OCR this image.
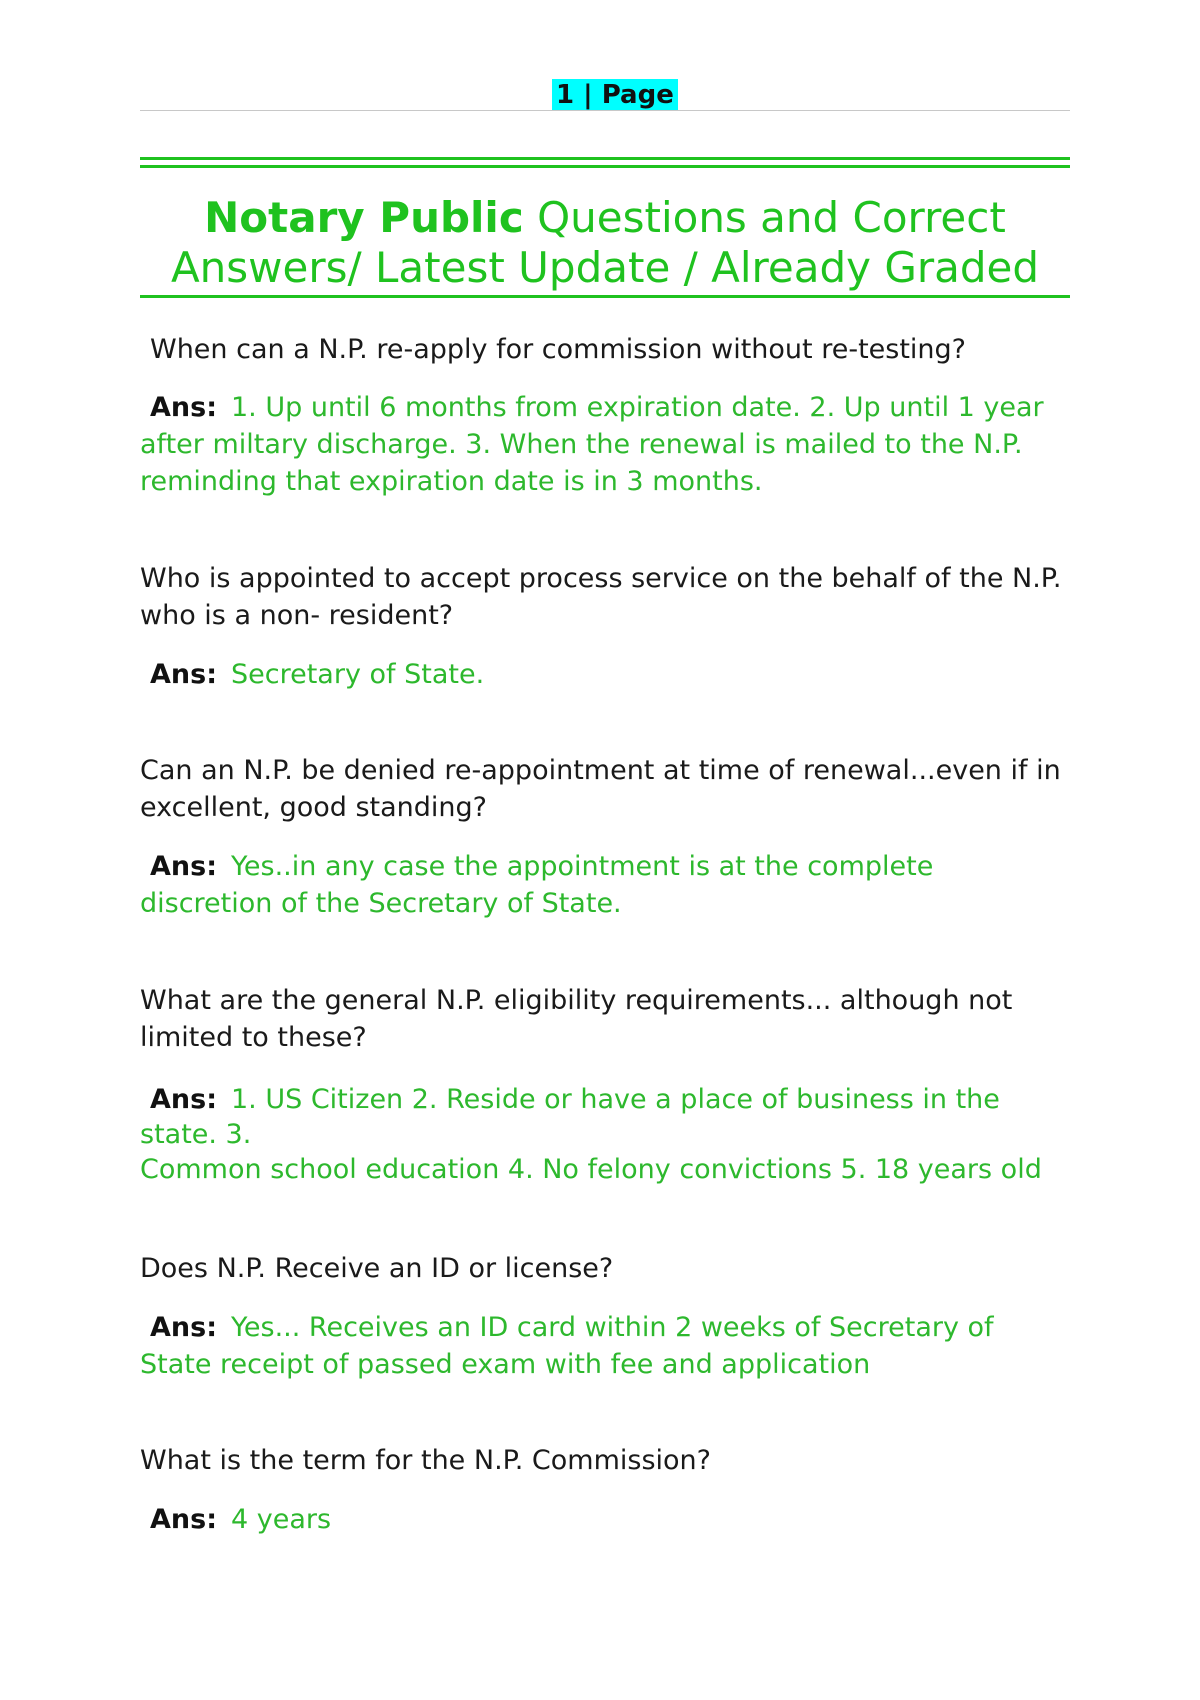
1 | Page
Notary Public Questions and Correct Answers/ Latest Update / Already Graded

When can a N.P. re-apply for commission without re-testing?

Ans: 1. Up until 6 months from expiration date. 2. Up until 1 year after miltary discharge. 3. When the renewal is mailed to the N.P. reminding that expiration date is in 3 months.

Who is appointed to accept process service on the behalf of the N.P. who is a non- resident?

Ans: Secretary of State.

Can an N.P. be denied re-appointment at time of renewal...even if in excellent, good standing?

Ans: Yes..in any case the appointment is at the complete discretion of the Secretary of State.

What are the general N.P. eligibility requirements... although not limited to these?

Ans: 1. US Citizen 2. Reside or have a place of business in the state. 3.
Common school education 4. No felony convictions 5. 18 years old

Does N.P. Receive an ID or license?

Ans: Yes... Receives an ID card within 2 weeks of Secretary of State receipt of passed exam with fee and application

What is the term for the N.P. Commission?

Ans: 4 years
